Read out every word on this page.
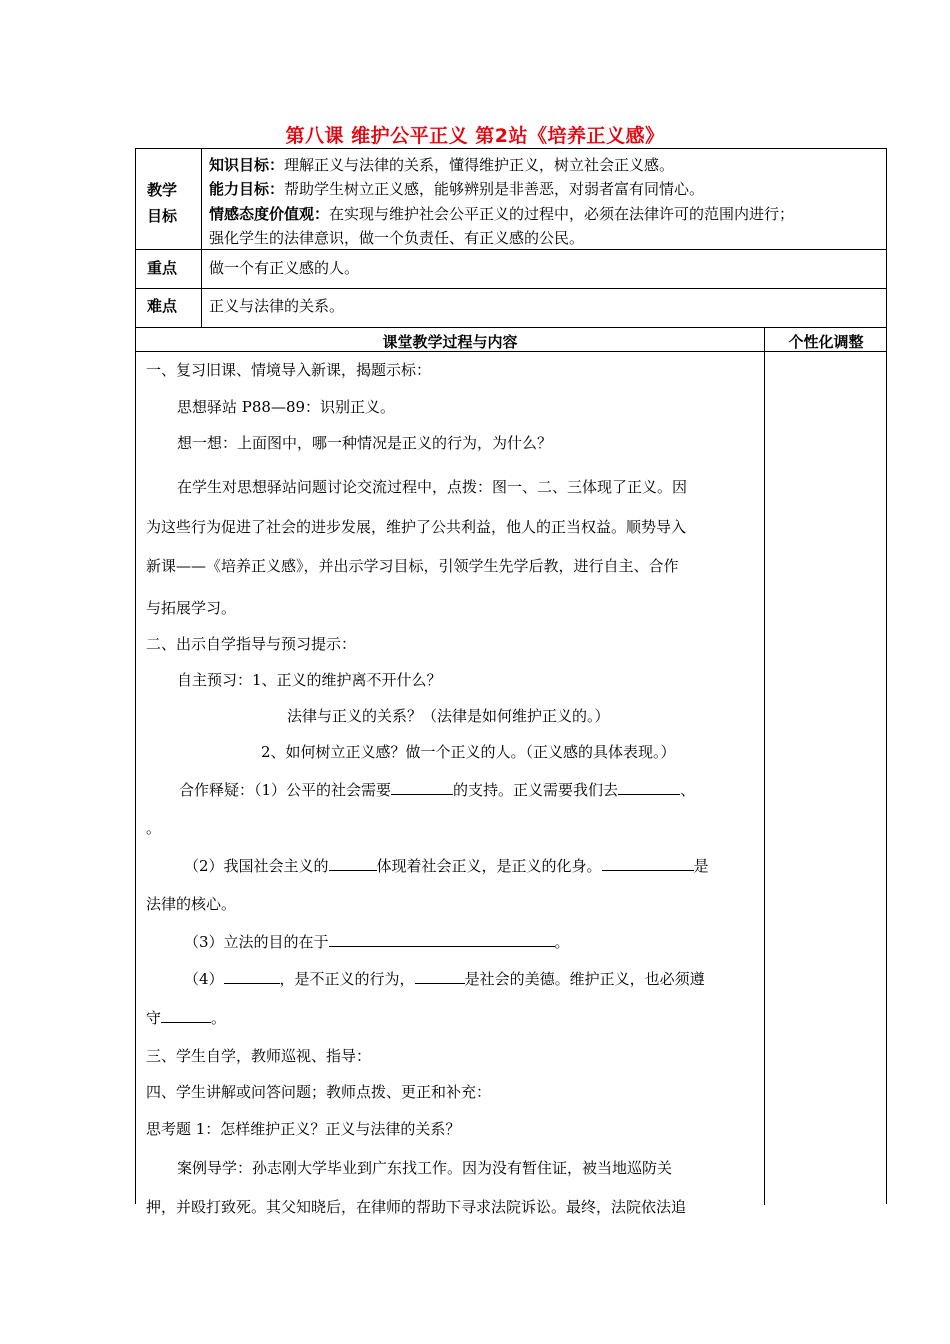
第八课 维护公平正义 第2站《培养正义感》
教学
目标
知识目标：理解正义与法律的关系，懂得维护正义，树立社会正义感。
能力目标：帮助学生树立正义感，能够辨别是非善恶，对弱者富有同情心。
情感态度价值观：在实现与维护社会公平正义的过程中，必须在法律许可的范围内进行；
强化学生的法律意识，做一个负责任、有正义感的公民。
重点 做一个有正义感的人。
难点 正义与法律的关系。
课堂教学过程与内容	个性化调整
一、复习旧课、情境导入新课，揭题示标：
思想驿站 P88—89：识别正义。
想一想：上面图中，哪一种情况是正义的行为，为什么？
在学生对思想驿站问题讨论交流过程中，点拨：图一、二、三体现了正义。因
为这些行为促进了社会的进步发展，维护了公共利益，他人的正当权益。顺势导入
新课——《培养正义感》，并出示学习目标，引领学生先学后教，进行自主、合作
与拓展学习。
二、出示自学指导与预习提示：
自主预习：1、正义的维护离不开什么？
法律与正义的关系？（法律是如何维护正义的。）
2、如何树立正义感？做一个正义的人。（正义感的具体表现。）
合作释疑：（1）公平的社会需要	的支持。正义需要我们去	、
。
（2）我国社会主义的	体现着社会正义，是正义的化身。	是
法律的核心。
（3）立法的目的在于	。
（4）	，是不正义的行为，	是社会的美德。维护正义，也必须遵
守	。
三、学生自学，教师巡视、指导：
四、学生讲解或问答问题；教师点拨、更正和补充：
思考题 1：怎样维护正义？正义与法律的关系？
案例导学：孙志刚大学毕业到广东找工作。因为没有暂住证，被当地巡防关
押，并殴打致死。其父知晓后，在律师的帮助下寻求法院诉讼。最终，法院依法追
